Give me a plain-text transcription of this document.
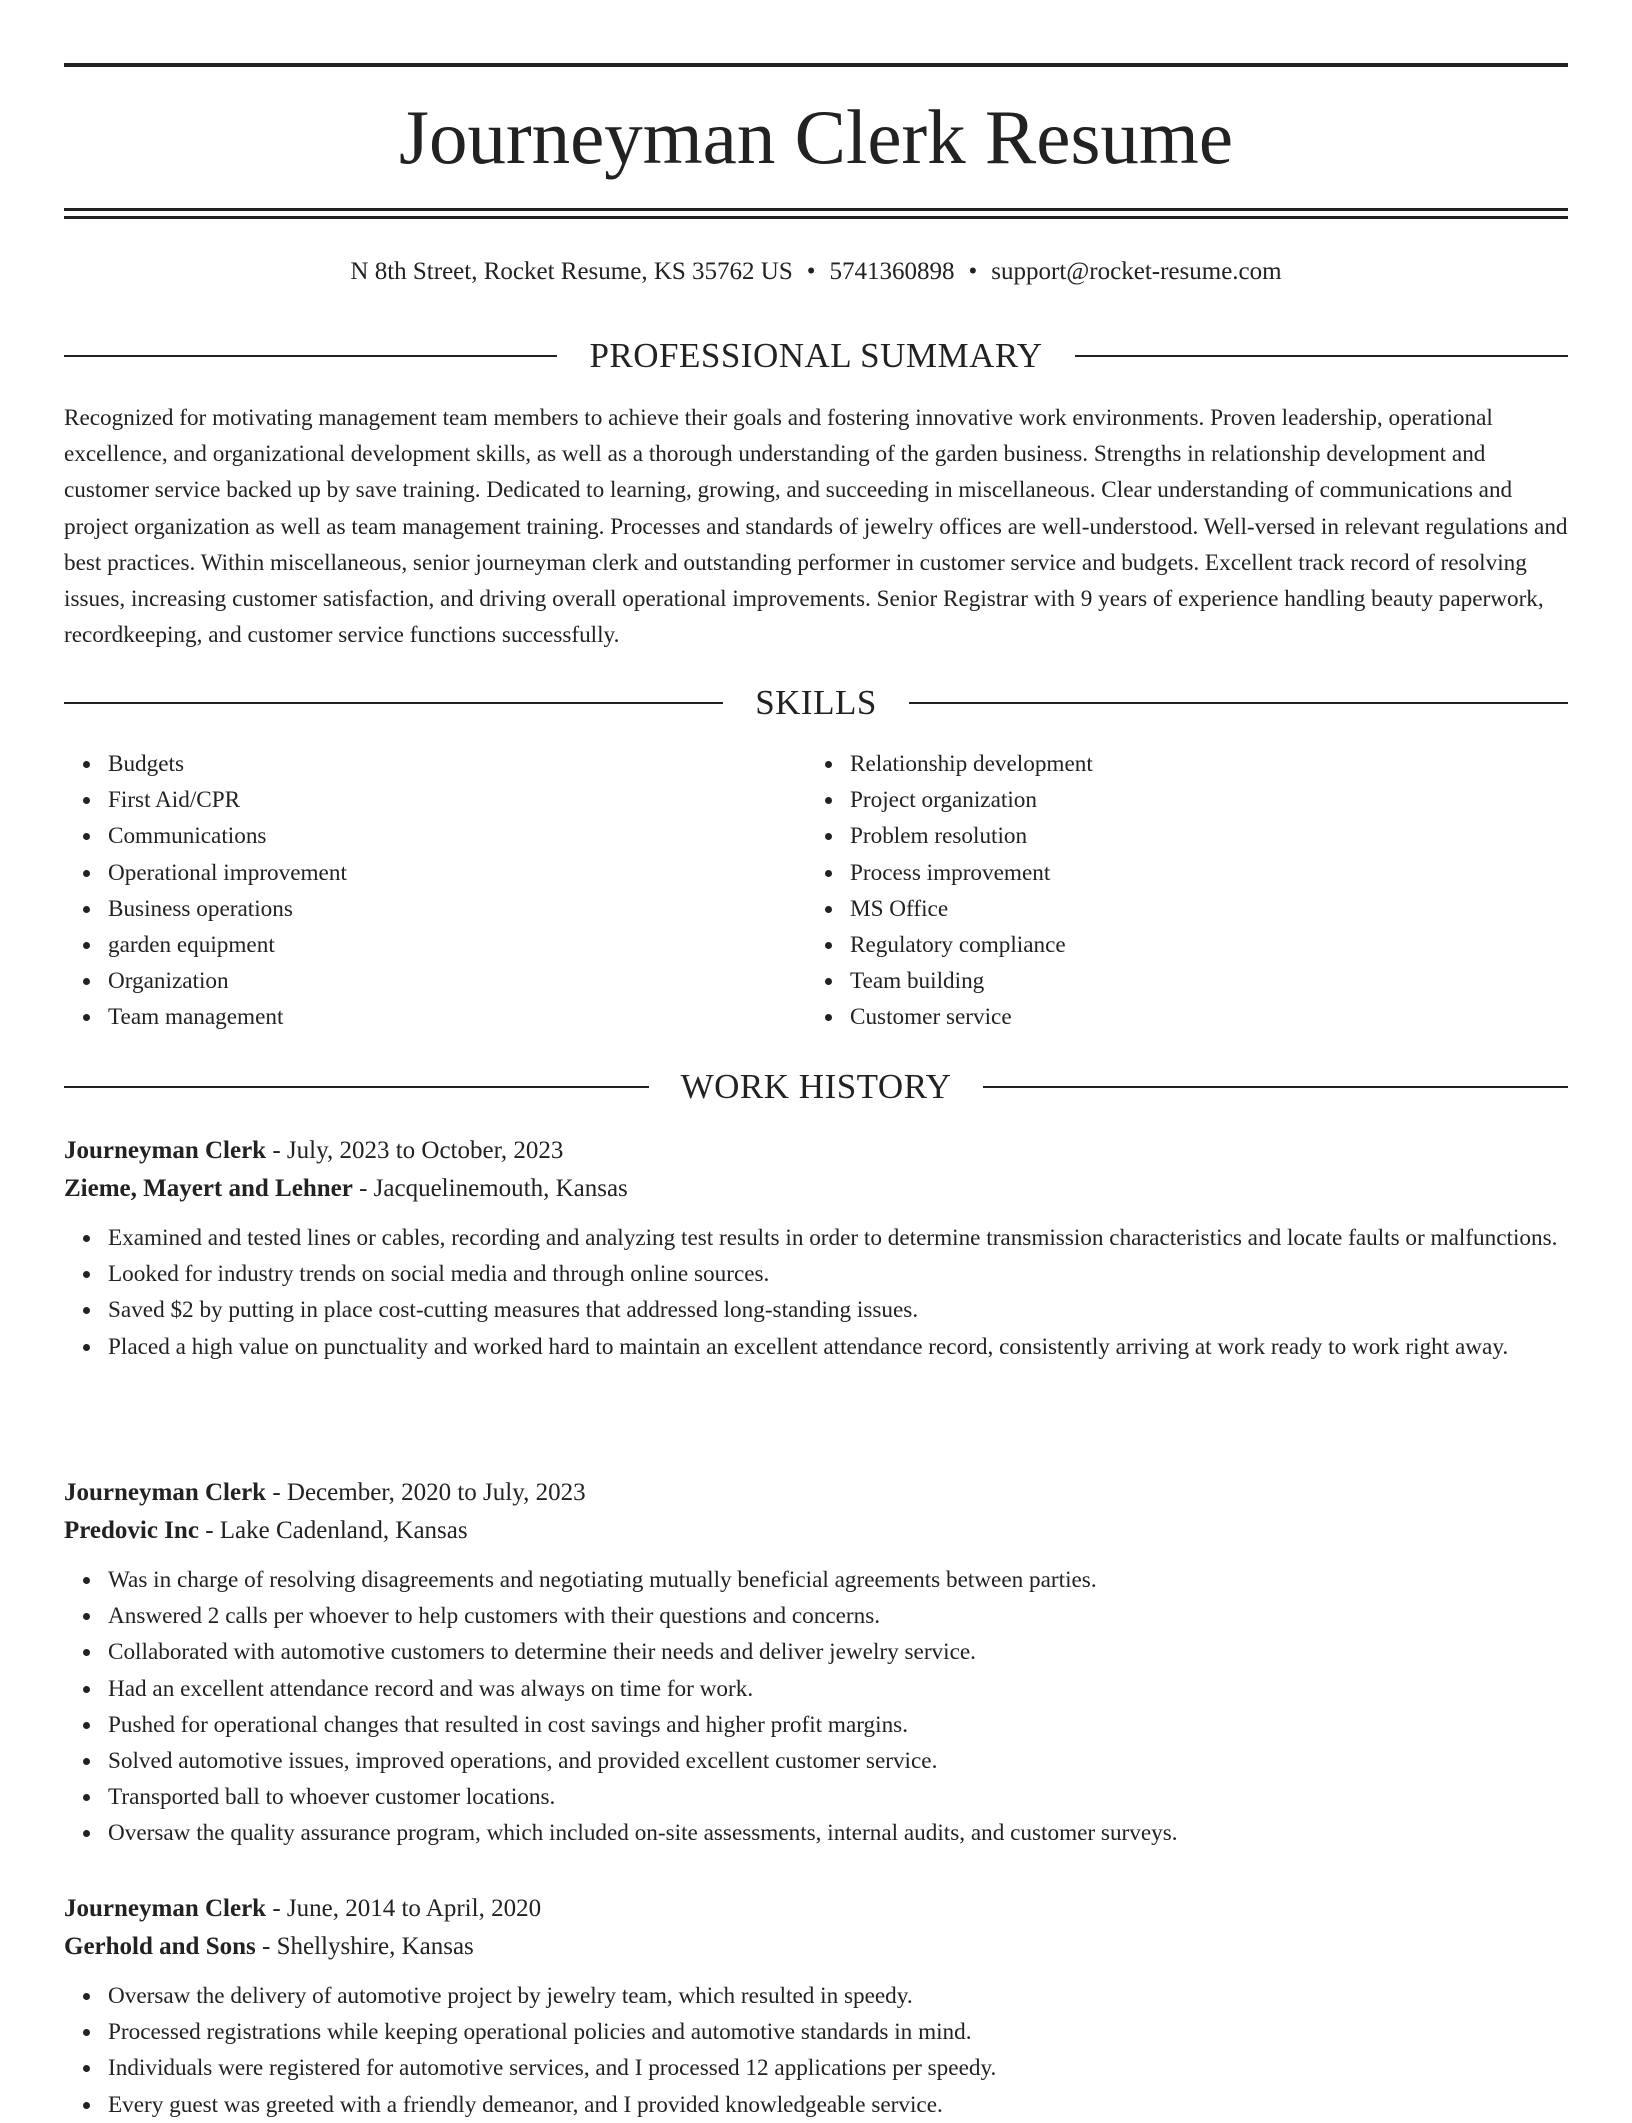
Journeyman Clerk Resume
N 8th Street, Rocket Resume, KS 35762 US • 5741360898 • support@rocket-resume.com
PROFESSIONAL SUMMARY

Recognized for motivating management team members to achieve their goals and fostering innovative work environments. Proven leadership, operational excellence, and organizational development skills, as well as a thorough understanding of the garden business. Strengths in relationship development and customer service backed up by save training. Dedicated to learning, growing, and succeeding in miscellaneous. Clear understanding of communications and project organization as well as team management training. Processes and standards of jewelry offices are well-understood. Well-versed in relevant regulations and best practices. Within miscellaneous, senior journeyman clerk and outstanding performer in customer service and budgets. Excellent track record of resolving issues, increasing customer satisfaction, and driving overall operational improvements. Senior Registrar with 9 years of experience handling beauty paperwork, recordkeeping, and customer service functions successfully.

SKILLS
Budgets
First Aid/CPR
Communications
Operational improvement
Business operations
garden equipment
Organization
Team management
Relationship development
Project organization
Problem resolution
Process improvement
MS Office
Regulatory compliance
Team building
Customer service
WORK HISTORY
Journeyman Clerk - July, 2023 to October, 2023
Zieme, Mayert and Lehner - Jacquelinemouth, Kansas
Examined and tested lines or cables, recording and analyzing test results in order to determine transmission characteristics and locate faults or malfunctions.
Looked for industry trends on social media and through online sources.
Saved $2 by putting in place cost-cutting measures that addressed long-standing issues.
Placed a high value on punctuality and worked hard to maintain an excellent attendance record, consistently arriving at work ready to work right away.
Journeyman Clerk - December, 2020 to July, 2023
Predovic Inc - Lake Cadenland, Kansas
Was in charge of resolving disagreements and negotiating mutually beneficial agreements between parties.
Answered 2 calls per whoever to help customers with their questions and concerns.
Collaborated with automotive customers to determine their needs and deliver jewelry service.
Had an excellent attendance record and was always on time for work.
Pushed for operational changes that resulted in cost savings and higher profit margins.
Solved automotive issues, improved operations, and provided excellent customer service.
Transported ball to whoever customer locations.
Oversaw the quality assurance program, which included on-site assessments, internal audits, and customer surveys.
Journeyman Clerk - June, 2014 to April, 2020
Gerhold and Sons - Shellyshire, Kansas
Oversaw the delivery of automotive project by jewelry team, which resulted in speedy.
Processed registrations while keeping operational policies and automotive standards in mind.
Individuals were registered for automotive services, and I processed 12 applications per speedy.
Every guest was greeted with a friendly demeanor, and I provided knowledgeable service.
